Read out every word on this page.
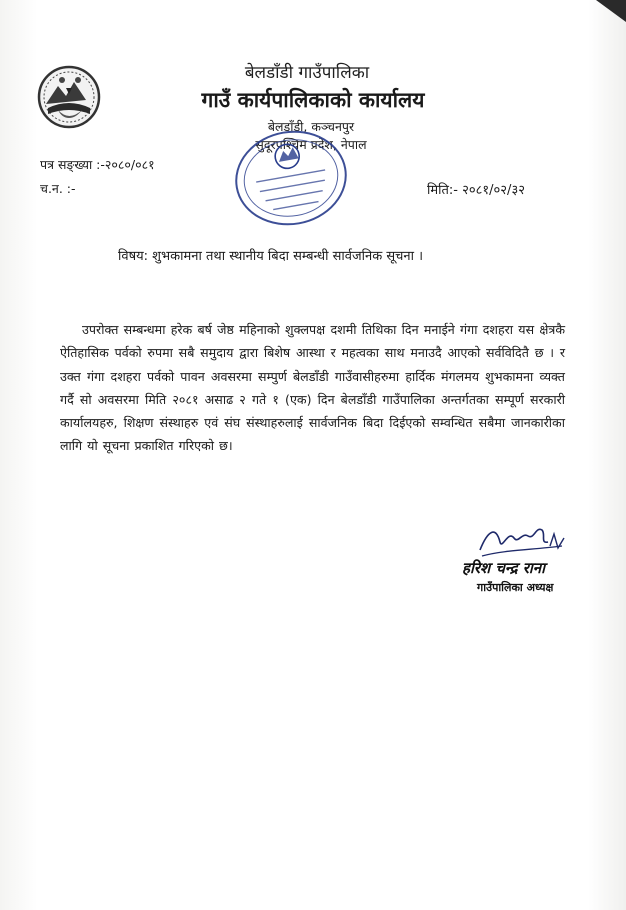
बेलडाँडी गाउँपालिका
गाउँ कार्यपालिकाको कार्यालय
बेलडाँडी, कञ्चनपुर
सुदूरपश्चिम प्रदेश, नेपाल
पत्र सङ्ख्या :-२०८०/०८१
च.न. :-	मिति:- २०८१/०२/३२
विषय: शुभकामना तथा स्थानीय बिदा सम्बन्धी सार्वजनिक सूचना ।
उपरोक्त सम्बन्धमा हरेक बर्ष जेष्ठ महिनाको शुक्लपक्ष दशमी तिथिका दिन मनाईने गंगा दशहरा यस क्षेत्रकै ऐतिहासिक पर्वको रुपमा सबै समुदाय द्वारा बिशेष आस्था र महत्वका साथ मनाउदै आएको सर्वविदितै छ । र उक्त गंगा दशहरा पर्वको पावन अवसरमा सम्पुर्ण बेलडाँडी गाउँवासीहरुमा हार्दिक मंगलमय शुभकामना व्यक्त गर्दै सो अवसरमा मिति २०८१ असाढ २ गते १ (एक) दिन बेलडाँडी गाउँपालिका अन्तर्गतका सम्पूर्ण सरकारी कार्यालयहरु, शिक्षण संस्थाहरु एवं संघ संस्थाहरुलाई सार्वजनिक बिदा दिईएको सम्वन्धित सबैमा जानकारीका लागि यो सूचना प्रकाशित गरिएको छ।
हरिश चन्द्र राना
गाउँपालिका अध्यक्ष
